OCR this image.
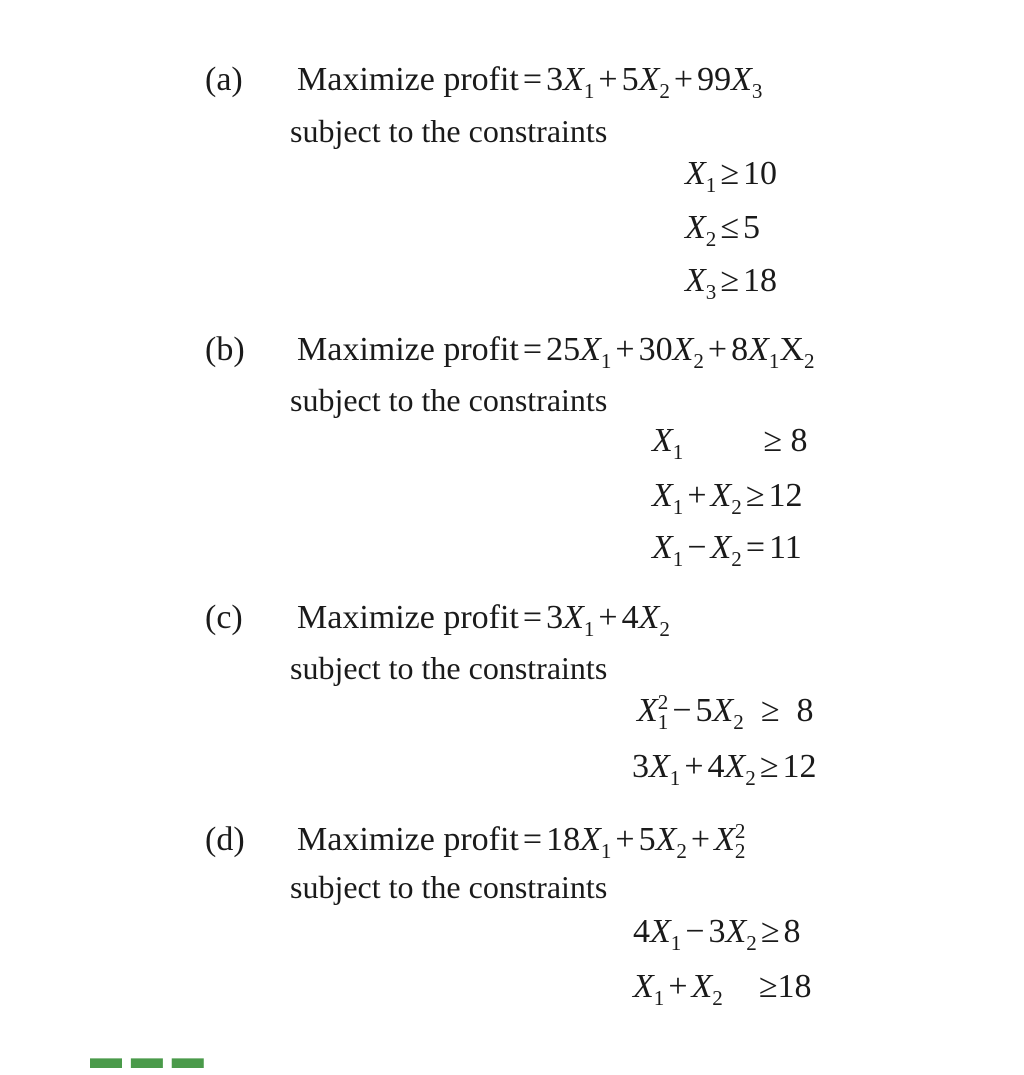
(a) Maximize profit = $3X_1 + 5X_2 + 99X_3$
subject to the constraints
$X_1 \ge 10$
$X_2 \le 5$
$X_3 \ge 18$
(b) Maximize profit = $25X_1 + 30X_2 + 8X_1X_2$
subject to the constraints
$X_1 \ge 8$
$X_1 + X_2 \ge 12$
$X_1 - X_2 = 11$
(c) Maximize profit = $3X_1 + 4X_2$
subject to the constraints
X 2
$1 - 5X_2 \ge 8$
$3X_1 + 4X_2 \ge 12$
(d) Maximize profit = $18X_1 + 5X_2 + X$ 2
2
subject to the constraints
$4X_1 - 3X_2 \ge 8$
$X_1 + X_2 \ge 18$
▬ ▬ ▬
